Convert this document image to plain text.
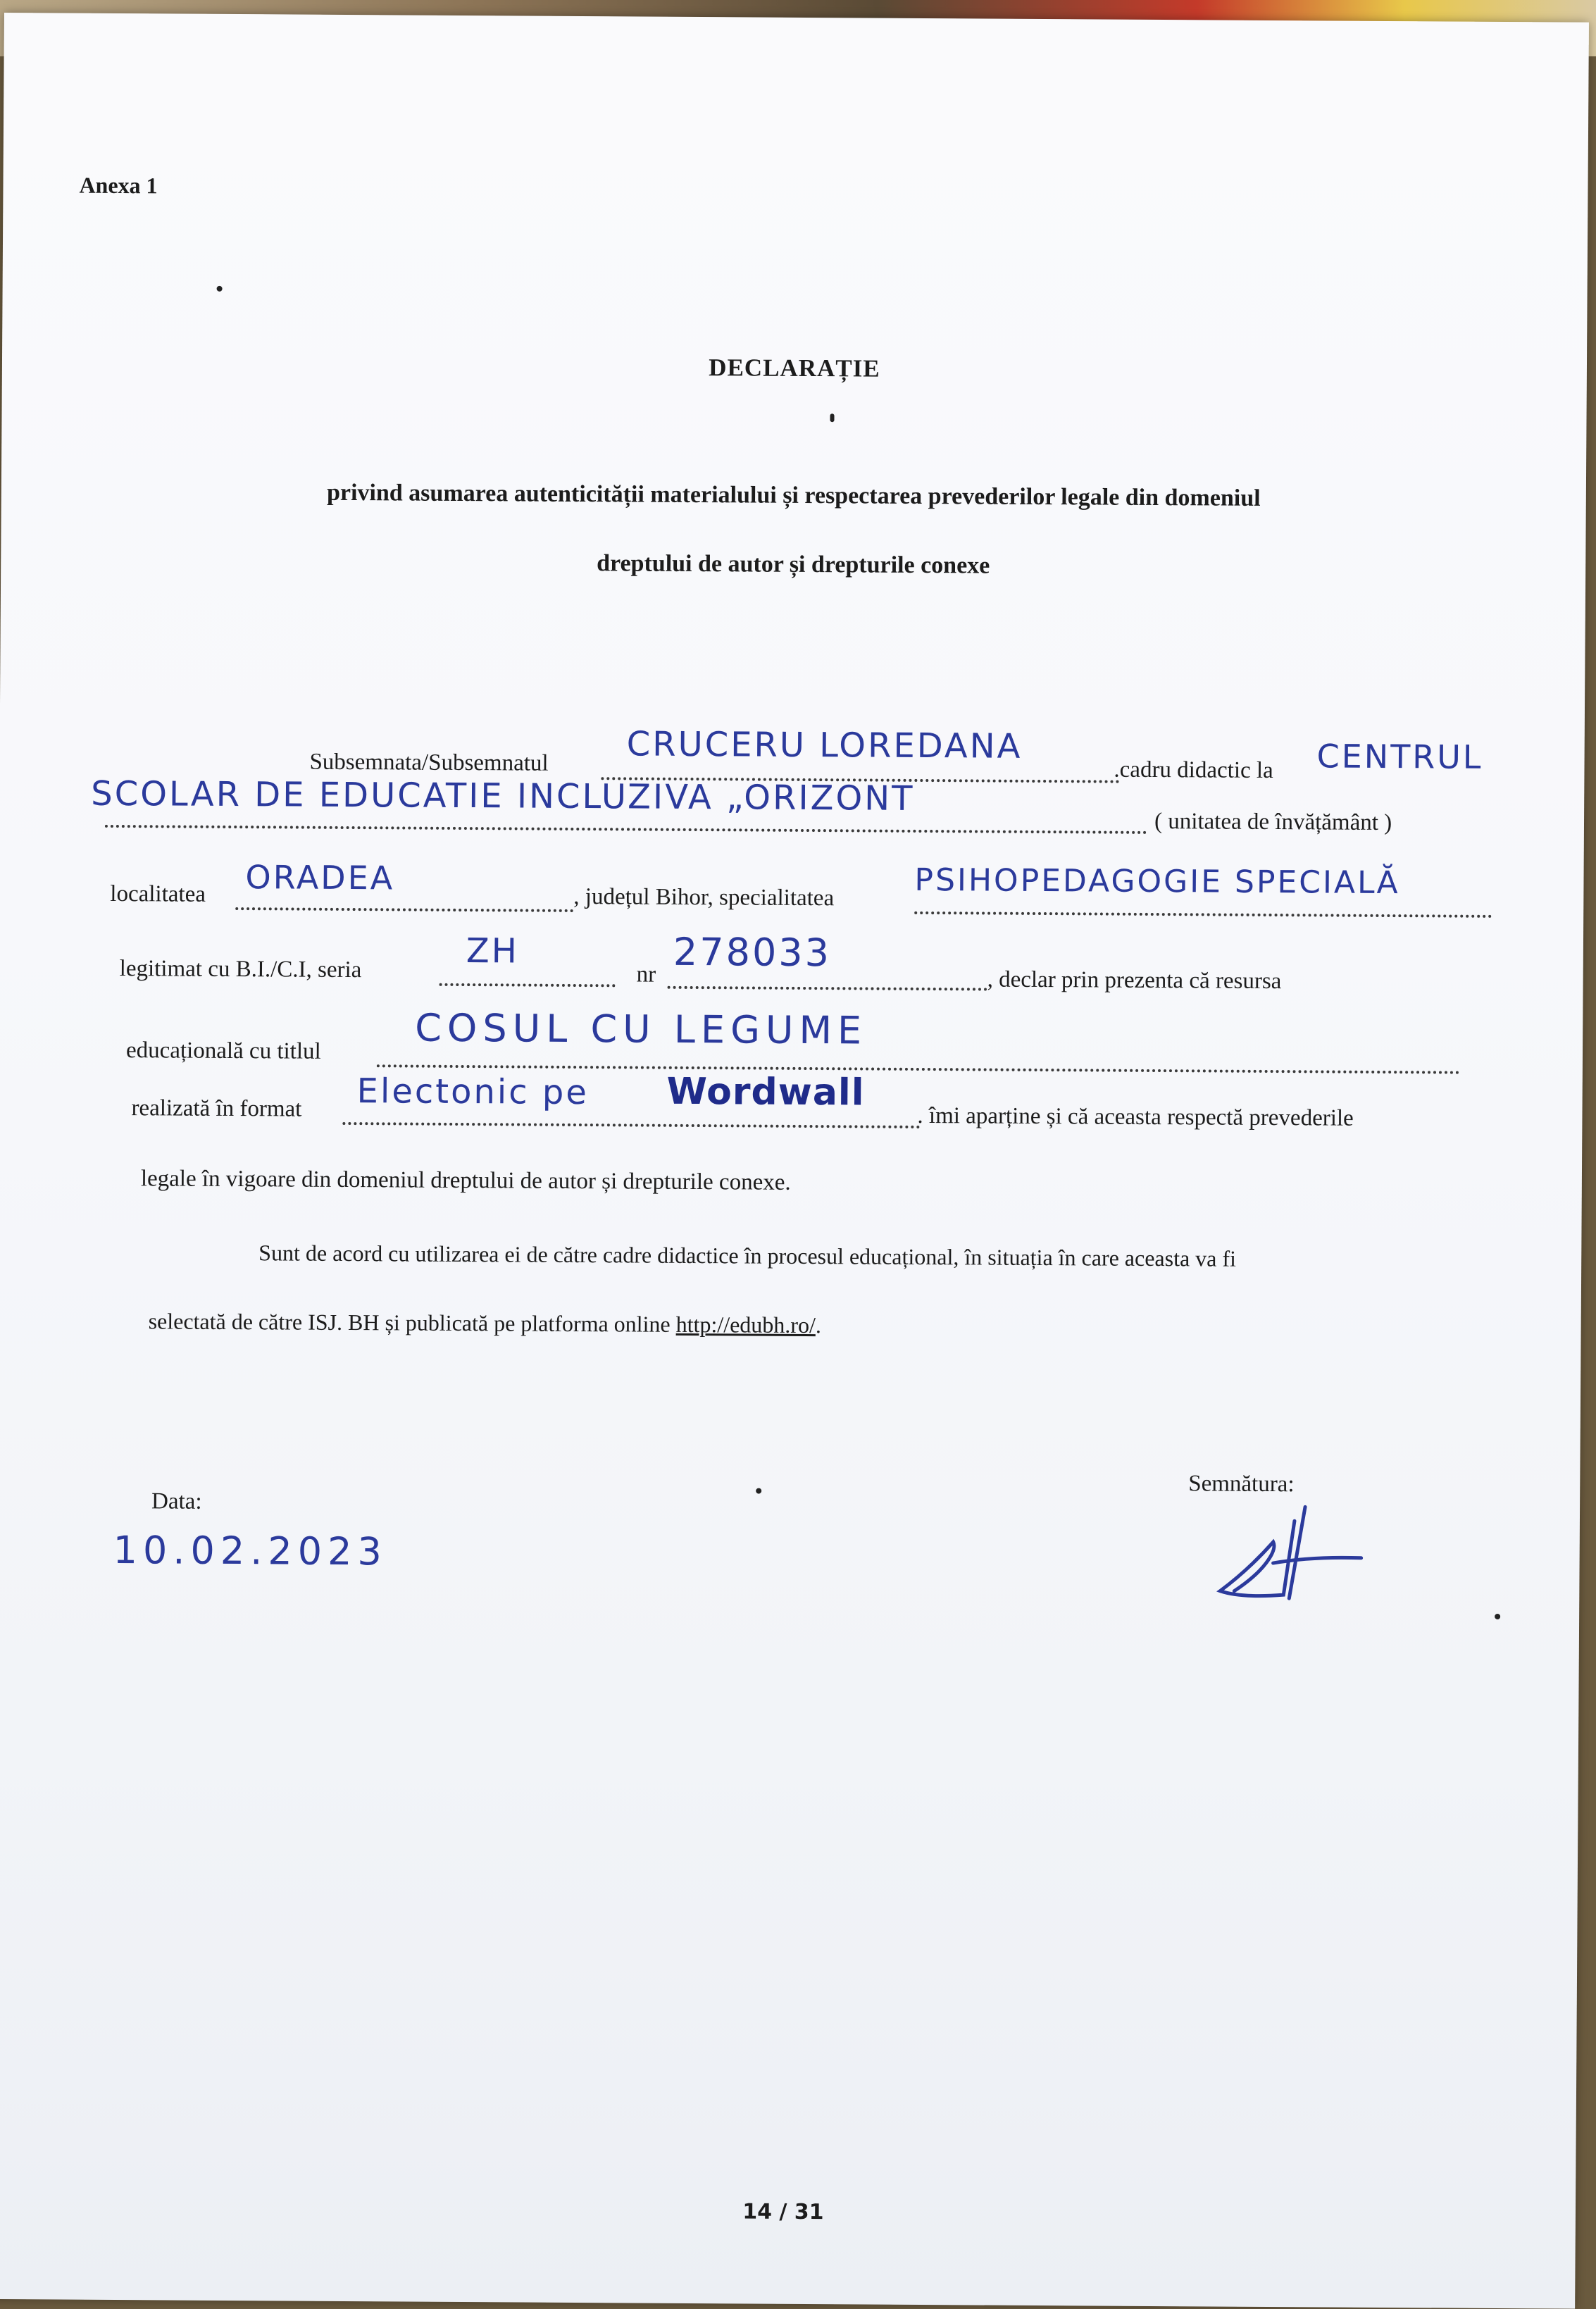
Anexa 1
DECLARAȚIE
privind asumarea autenticității materialului și respectarea prevederilor legale din domeniul
dreptului de autor și drepturile conexe
Subsemnata/Subsemnatul CRUCERU LOREDANA
.cadru didactic la CENTRUL
SCOLAR DE EDUCATIE INCLUZIVA „ORIZONT
( unitatea de învățământ )
localitatea ORADEA
, județul Bihor, specialitatea	PSIHOPEDAGOGIE SPECIALĂ
legitimat cu B.I./C.I, seria	ZH
nr 278033
, declar prin prezenta că resursa
educațională cu titlul COSUL CU LEGUME
realizată în format Electonic pe Wordwall
. îmi aparține și că aceasta respectă prevederile
legale în vigoare din domeniul dreptului de autor și drepturile conexe.
Sunt de acord cu utilizarea ei de către cadre didactice în procesul educațional, în situația în care aceasta va fi
selectată de către ISJ. BH și publicată pe platforma online http://edubh.ro/.
Data:
10.02.2023
Semnătura:
14 / 31
